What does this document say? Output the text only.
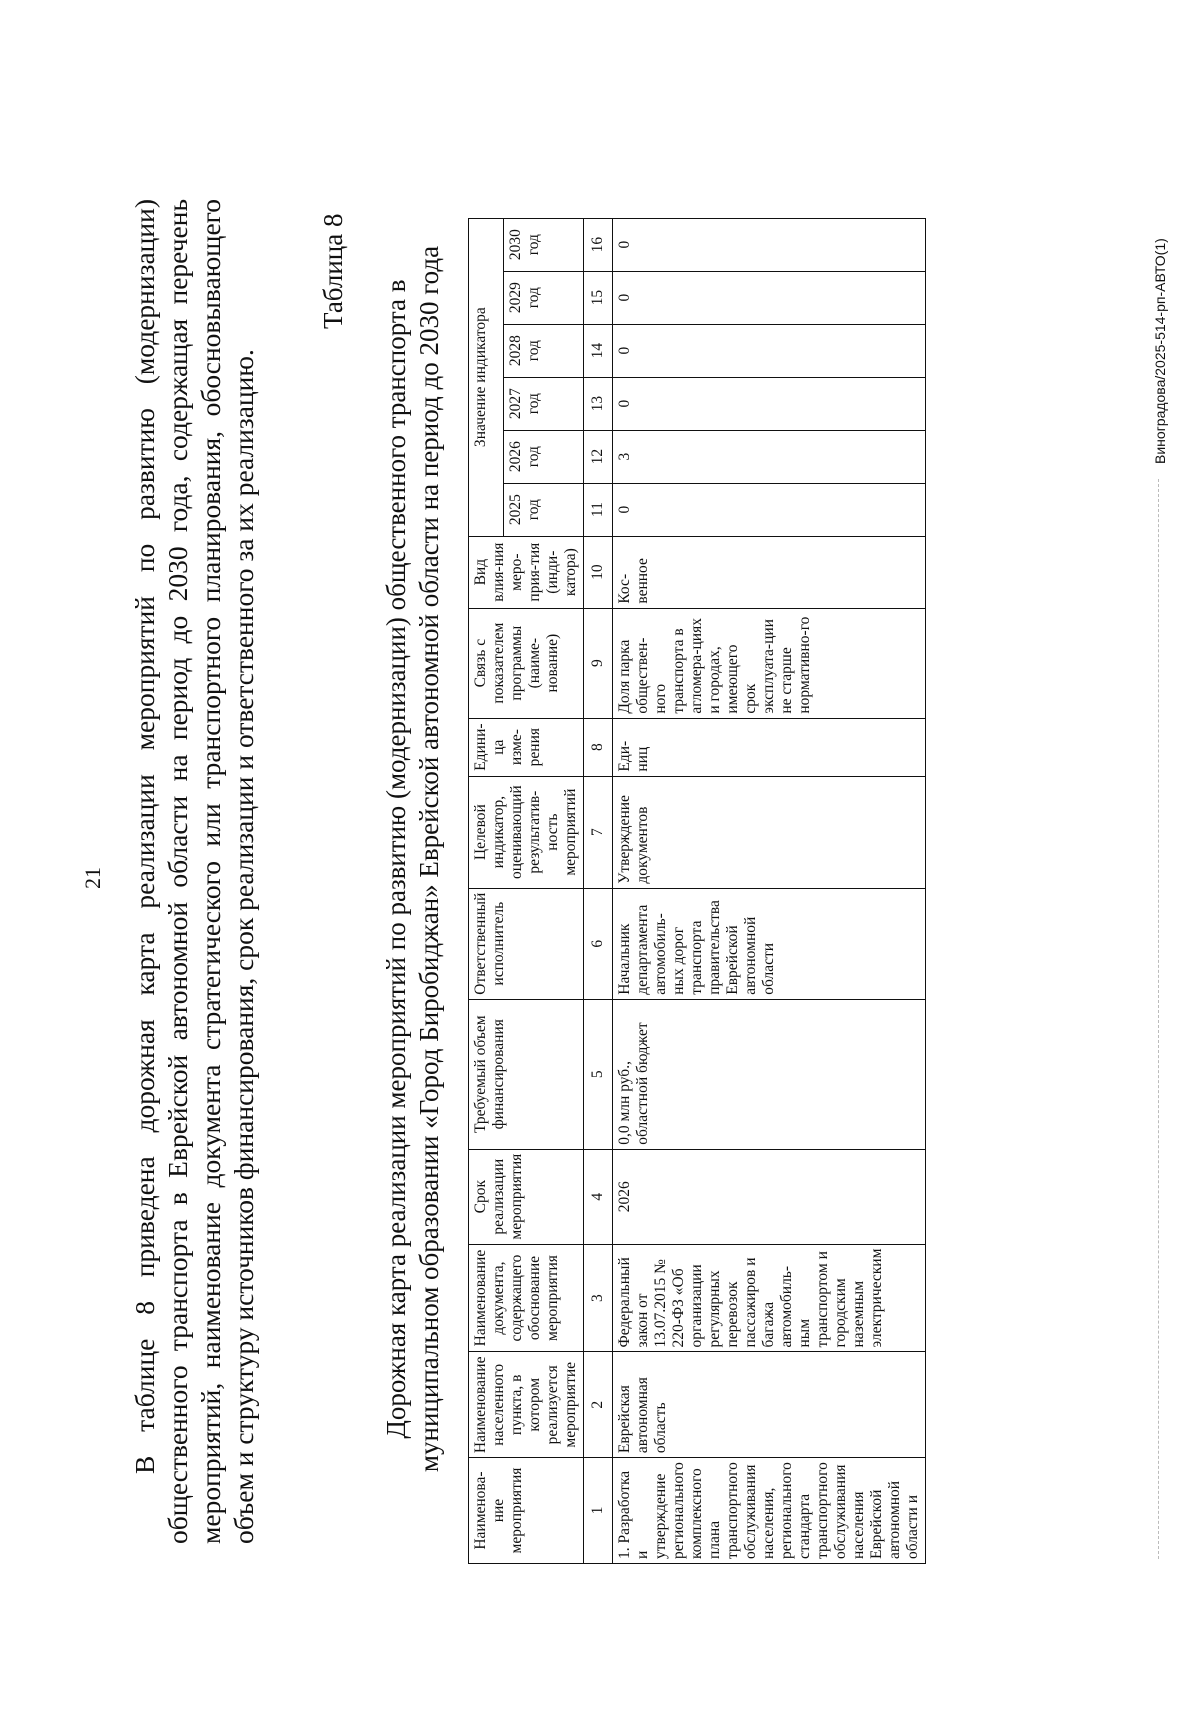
21 В таблице 8 приведена дорожная карта реализации мероприятий по развитию (модернизации) общественного транспорта в Еврейской автономной области на период до 2030 года, содержащая перечень мероприятий, наименование документа стратегического или транспортного планирования, обосновывающего объем и структуру источников финансирования, срок реализации и ответственного за их реализацию.

Таблица 8
Дорожная карта реализации мероприятий по развитию (модернизации) общественного транспорта в муниципальном образовании «Город Биробиджан» Еврейской автономной области на период до 2030 года
Наименова-ние мероприятия	Наименование населенного пункта, в котором реализуется мероприятие	Наименование документа, содержащего обоснование мероприятия	Срок реализации мероприятия	Требуемый объем финансирования	Ответственный исполнитель	Целевой индикатор, оценивающий результатив-ность мероприятий	Едини-ца изме-рения	Связь с показателем программы (наиме-нование)	Вид влия-ния меро-прия-тия (инди-катора)	Значение индикатора					
										2025 год	2026 год	2027 год	2028 год	2029 год	2030 год
1	2	3	4	5	6	7	8	9	10	11	12	13	14	15	16
1. Разработка и утверждение регионального комплексного плана транспортного обслуживания населения, регионального стандарта транспортного обслуживания населения Еврейской автономной области и	Еврейская автономная область	Федеральный закон от 13.07.2015 № 220-ФЗ «Об организации регулярных перевозок пассажиров и багажа автомобиль-ным транспортом и городским наземным электрическим	2026	0,0 млн руб., областной бюджет	Начальник департамента автомобиль-ных дорог транспорта правительства Еврейской автономной области	Утверждение документов	Еди-ниц	Доля парка обществен-ного транспорта в агломера-циях и городах, имеющего срок эксплуата-ции не старше нормативно-го	Кос-венное	0	3	0	0	0	0	Виноградова/2025-514-рп-АВТО(1)
